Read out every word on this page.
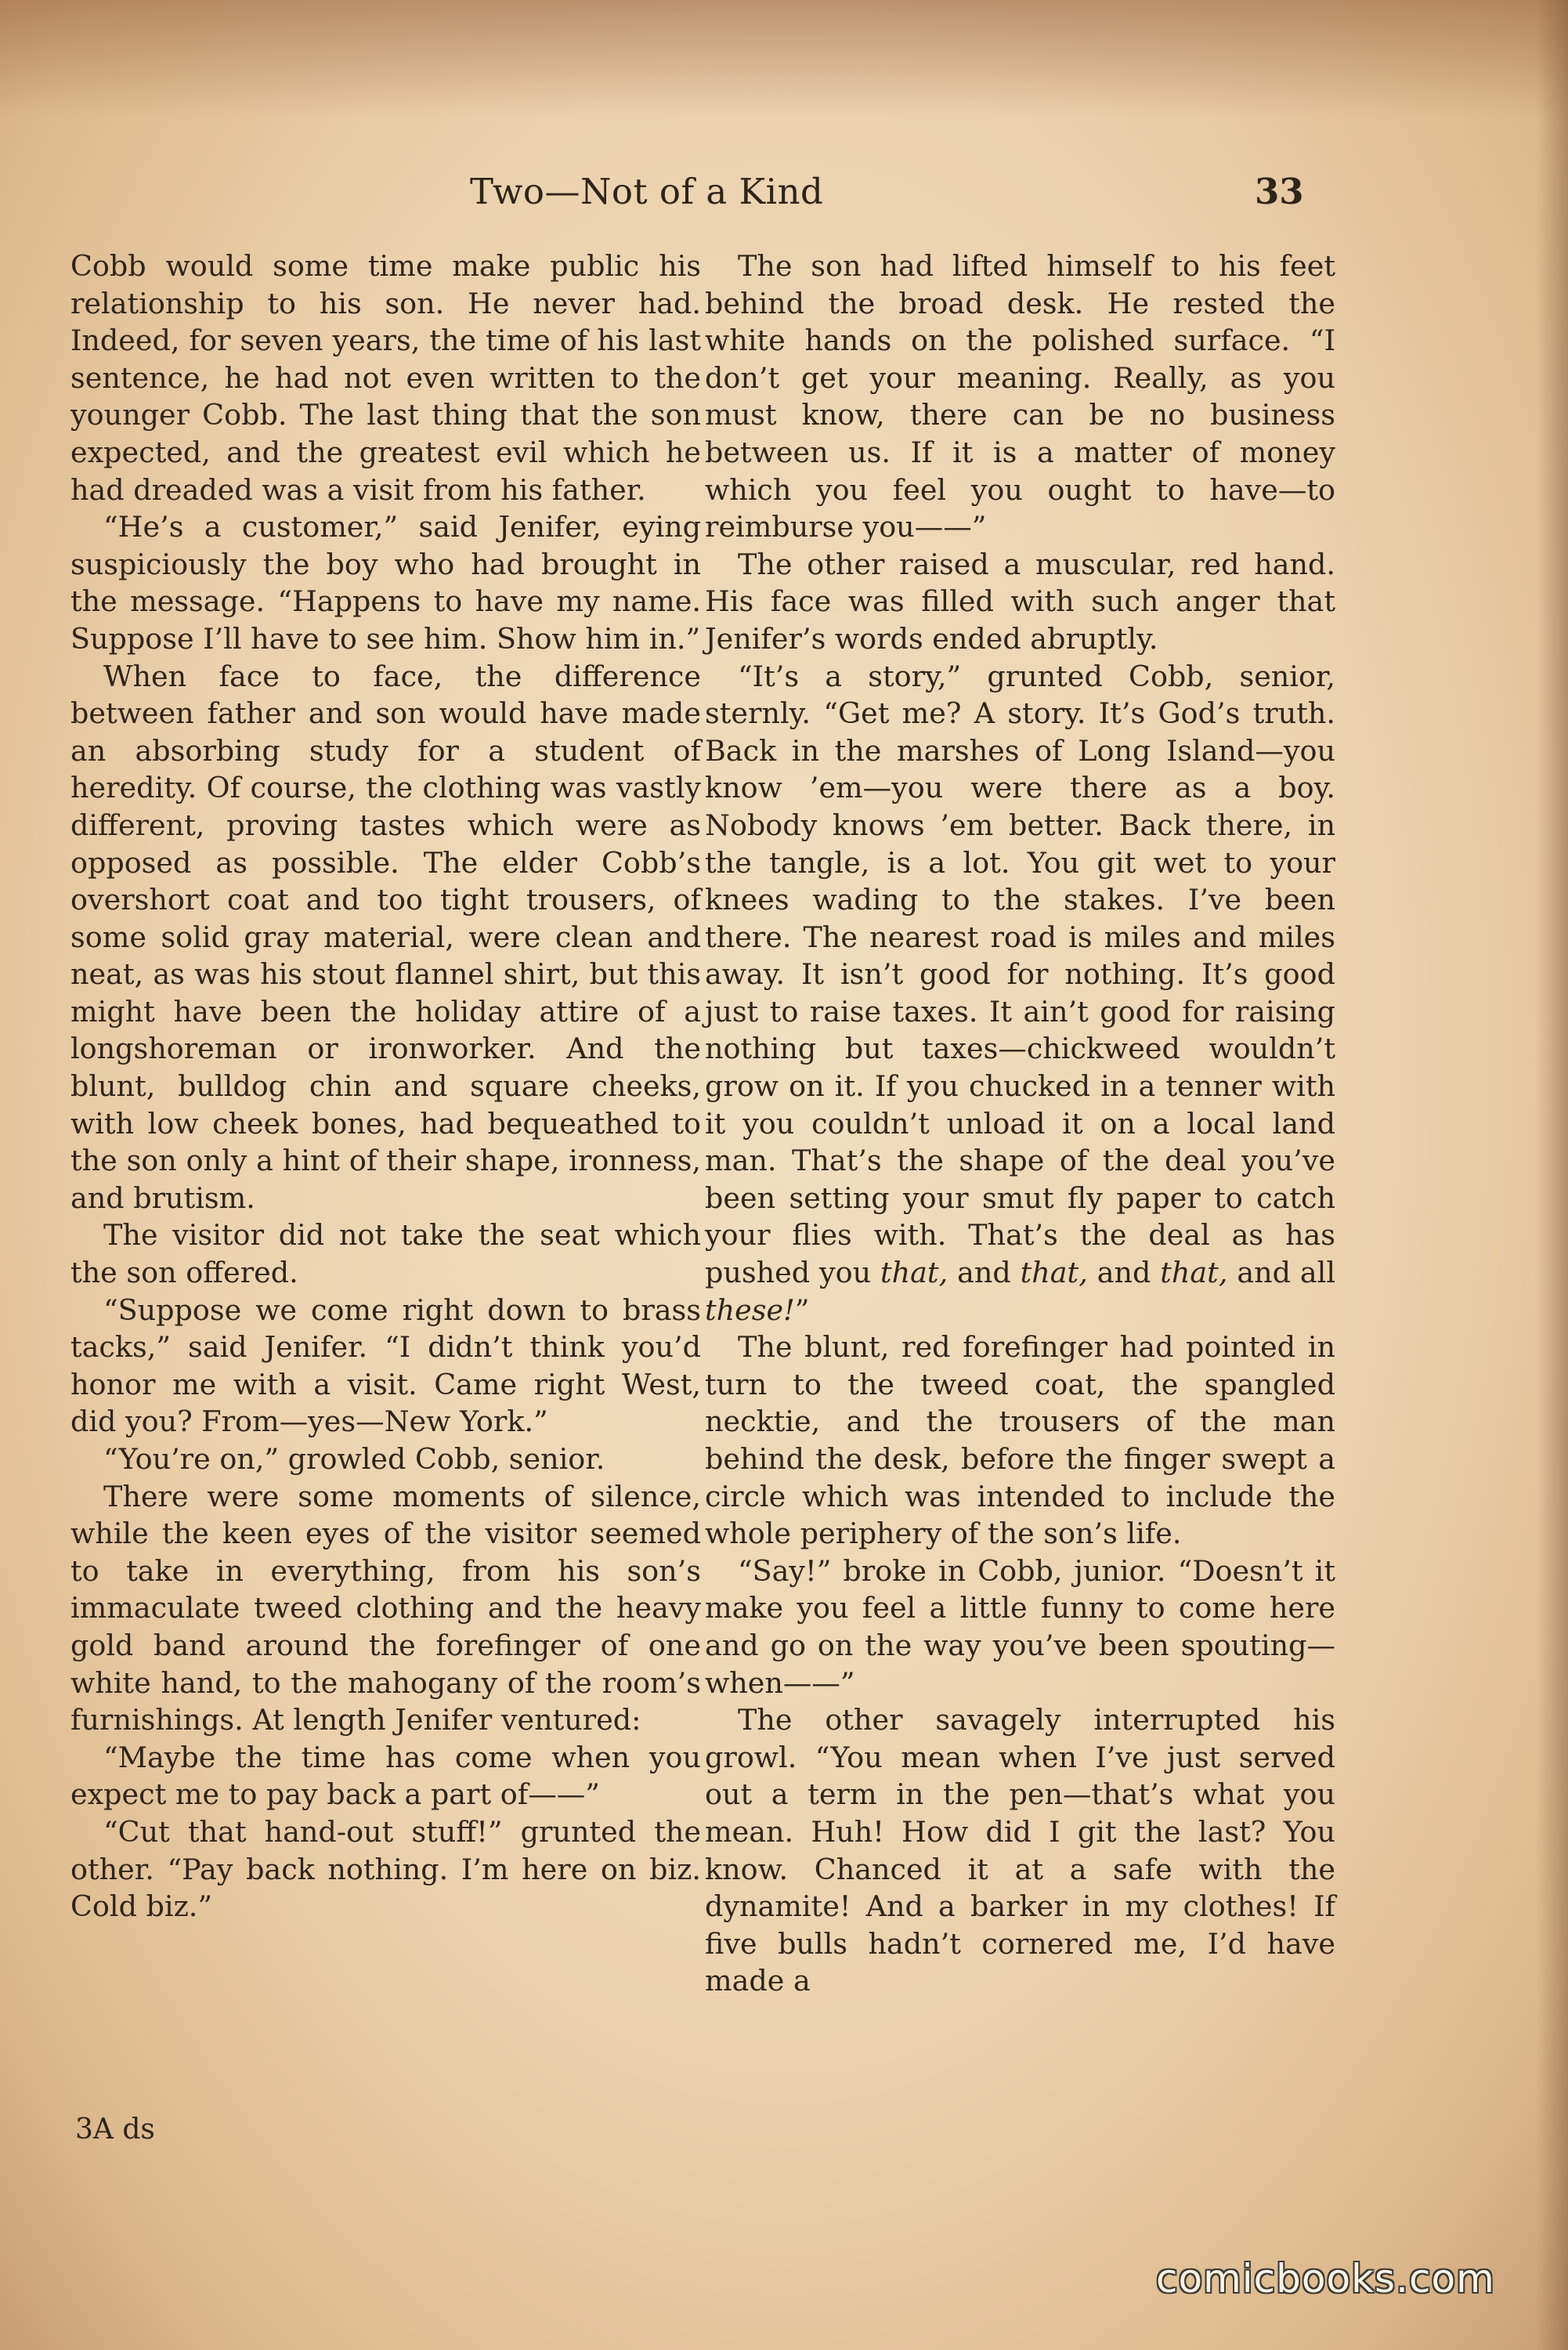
Two—Not of a Kind	33

Cobb would some time make public his relationship to his son. He never had. Indeed, for seven years, the time of his last sentence, he had not even written to the younger Cobb. The last thing that the son expected, and the greatest evil which he had dreaded was a visit from his father.

“He’s a customer,” said Jenifer, eying suspiciously the boy who had brought in the message. “Happens to have my name. Suppose I’ll have to see him. Show him in.”

When face to face, the difference between father and son would have made an absorbing study for a student of heredity. Of course, the clothing was vastly different, proving tastes which were as opposed as possible. The elder Cobb’s overshort coat and too tight trousers, of some solid gray material, were clean and neat, as was his stout flannel shirt, but this might have been the holiday attire of a longshoreman or ironworker. And the blunt, bulldog chin and square cheeks, with low cheek bones, had bequeathed to the son only a hint of their shape, ironness, and brutism.

The visitor did not take the seat which the son offered.

“Suppose we come right down to brass tacks,” said Jenifer. “I didn’t think you’d honor me with a visit. Came right West, did you? From—yes—New York.”

“You’re on,” growled Cobb, senior.

There were some moments of silence, while the keen eyes of the visitor seemed to take in everything, from his son’s immaculate tweed clothing and the heavy gold band around the forefinger of one white hand, to the mahogany of the room’s furnishings. At length Jenifer ventured:

“Maybe the time has come when you expect me to pay back a part of——”

“Cut that hand-out stuff!” grunted the other. “Pay back nothing. I’m here on biz. Cold biz.”

The son had lifted himself to his feet behind the broad desk. He rested the white hands on the polished surface. “I don’t get your meaning. Really, as you must know, there can be no business between us. If it is a matter of money which you feel you ought to have—to reimburse you——”

The other raised a muscular, red hand. His face was filled with such anger that Jenifer’s words ended abruptly.

“It’s a story,” grunted Cobb, senior, sternly. “Get me? A story. It’s God’s truth. Back in the marshes of Long Island—you know ’em—you were there as a boy. Nobody knows ’em better. Back there, in the tangle, is a lot. You git wet to your knees wading to the stakes. I’ve been there. The nearest road is miles and miles away. It isn’t good for nothing. It’s good just to raise taxes. It ain’t good for raising nothing but taxes—chickweed wouldn’t grow on it. If you chucked in a tenner with it you couldn’t unload it on a local land man. That’s the shape of the deal you’ve been setting your smut fly paper to catch your flies with. That’s the deal as has pushed you that, and that, and that, and all these!”

The blunt, red forefinger had pointed in turn to the tweed coat, the spangled necktie, and the trousers of the man behind the desk, before the finger swept a circle which was intended to include the whole periphery of the son’s life.

“Say!” broke in Cobb, junior. “Doesn’t it make you feel a little funny to come here and go on the way you’ve been spouting—when——”

The other savagely interrupted his growl. “You mean when I’ve just served out a term in the pen—that’s what you mean. Huh! How did I git the last? You know. Chanced it at a safe with the dynamite! And a barker in my clothes! If five bulls hadn’t cornered me, I’d have made a

3A ds
comicbooks.com
